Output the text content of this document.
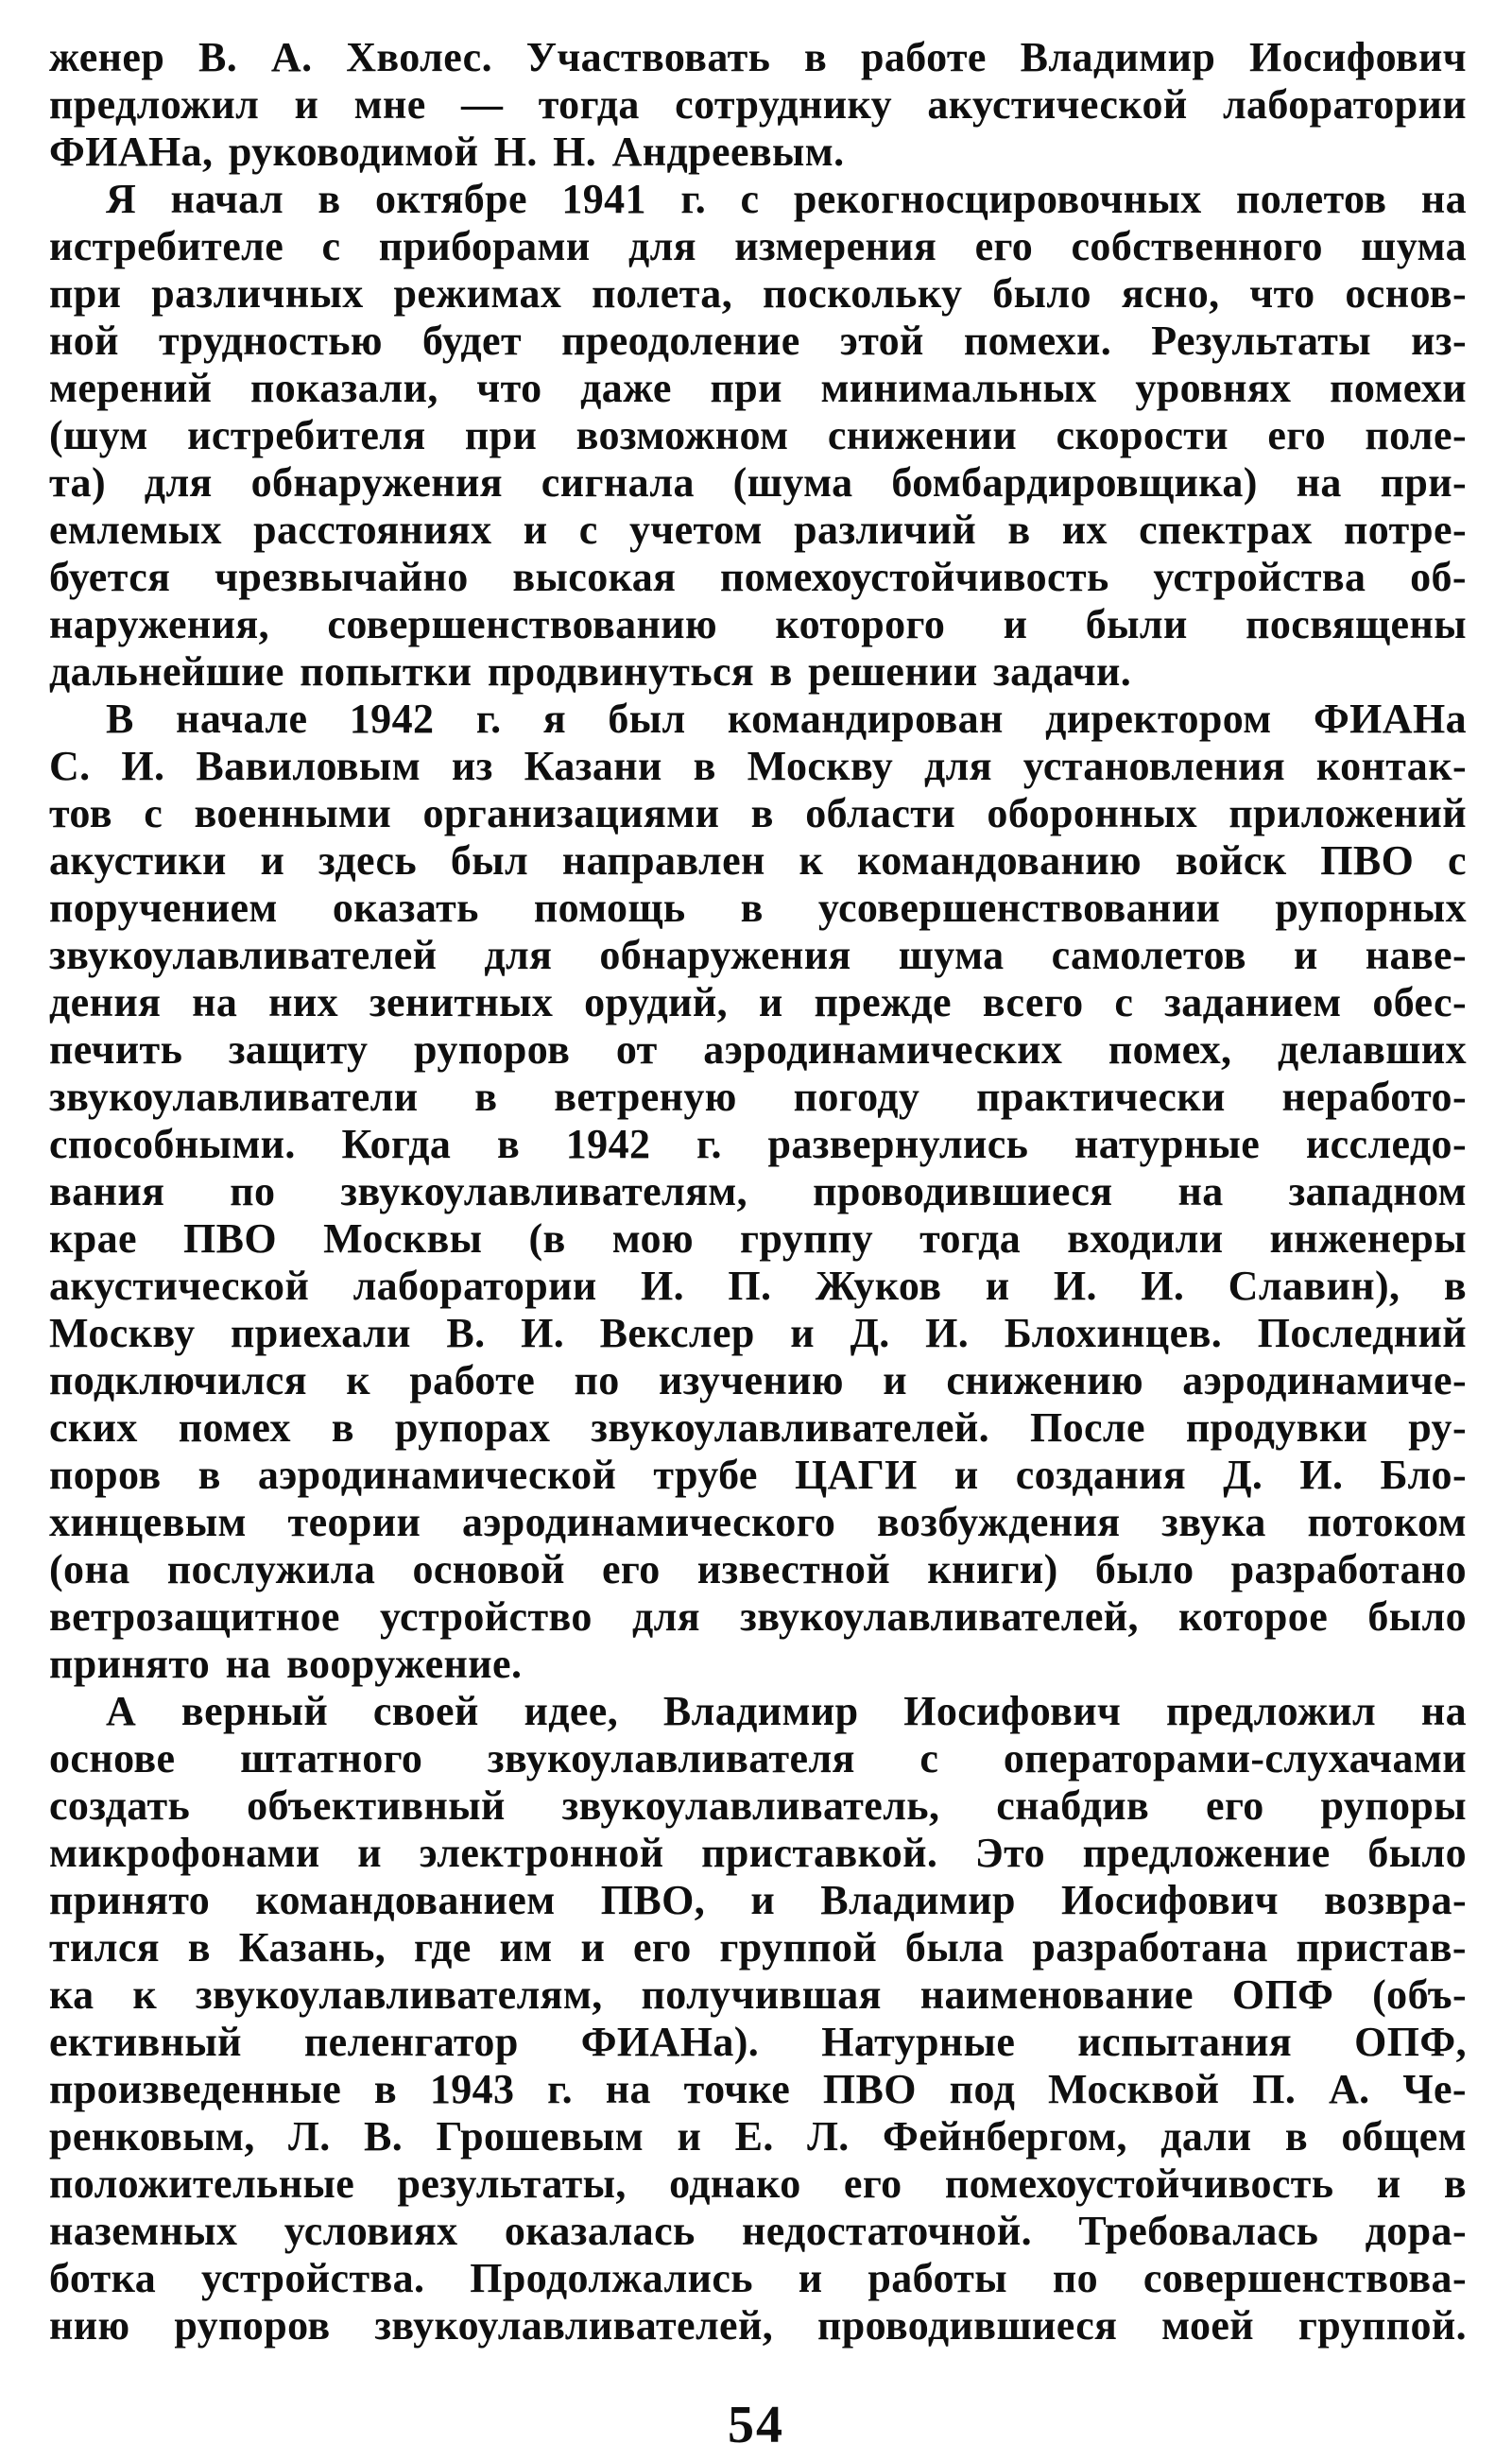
женер В. А. Хволес. Участвовать в работе Владимир Иосифович
предложил и мне — тогда сотруднику акустической лаборатории
ФИАНа, руководимой Н. Н. Андреевым.
Я начал в октябре 1941 г. с рекогносцировочных полетов на
истребителе с приборами для измерения его собственного шума
при различных режимах полета, поскольку было ясно, что основ-
ной трудностью будет преодоление этой помехи. Результаты из-
мерений показали, что даже при минимальных уровнях помехи
(шум истребителя при возможном снижении скорости его поле-
та) для обнаружения сигнала (шума бомбардировщика) на при-
емлемых расстояниях и с учетом различий в их спектрах потре-
буется чрезвычайно высокая помехоустойчивость устройства об-
наружения, совершенствованию которого и были посвящены
дальнейшие попытки продвинуться в решении задачи.
В начале 1942 г. я был командирован директором ФИАНа
С. И. Вавиловым из Казани в Москву для установления контак-
тов с военными организациями в области оборонных приложений
акустики и здесь был направлен к командованию войск ПВО с
поручением оказать помощь в усовершенствовании рупорных
звукоулавливателей для обнаружения шума самолетов и наве-
дения на них зенитных орудий, и прежде всего с заданием обес-
печить защиту рупоров от аэродинамических помех, делавших
звукоулавливатели в ветреную погоду практически неработо-
способными. Когда в 1942 г. развернулись натурные исследо-
вания по звукоулавливателям, проводившиеся на западном
крае ПВО Москвы (в мою группу тогда входили инженеры
акустической лаборатории И. П. Жуков и И. И. Славин), в
Москву приехали В. И. Векслер и Д. И. Блохинцев. Последний
подключился к работе по изучению и снижению аэродинамиче-
ских помех в рупорах звукоулавливателей. После продувки ру-
поров в аэродинамической трубе ЦАГИ и создания Д. И. Бло-
хинцевым теории аэродинамического возбуждения звука потоком
(она послужила основой его известной книги) было разработано
ветрозащитное устройство для звукоулавливателей, которое было
принято на вооружение.
А верный своей идее, Владимир Иосифович предложил на
основе штатного звукоулавливателя с операторами-слухачами
создать объективный звукоулавливатель, снабдив его рупоры
микрофонами и электронной приставкой. Это предложение было
принято командованием ПВО, и Владимир Иосифович возвра-
тился в Казань, где им и его группой была разработана пристав-
ка к звукоулавливателям, получившая наименование ОПФ (объ-
ективный пеленгатор ФИАНа). Натурные испытания ОПФ,
произведенные в 1943 г. на точке ПВО под Москвой П. А. Че-
ренковым, Л. В. Грошевым и Е. Л. Фейнбергом, дали в общем
положительные результаты, однако его помехоустойчивость и в
наземных условиях оказалась недостаточной. Требовалась дора-
ботка устройства. Продолжались и работы по совершенствова-
нию рупоров звукоулавливателей, проводившиеся моей группой.
54
